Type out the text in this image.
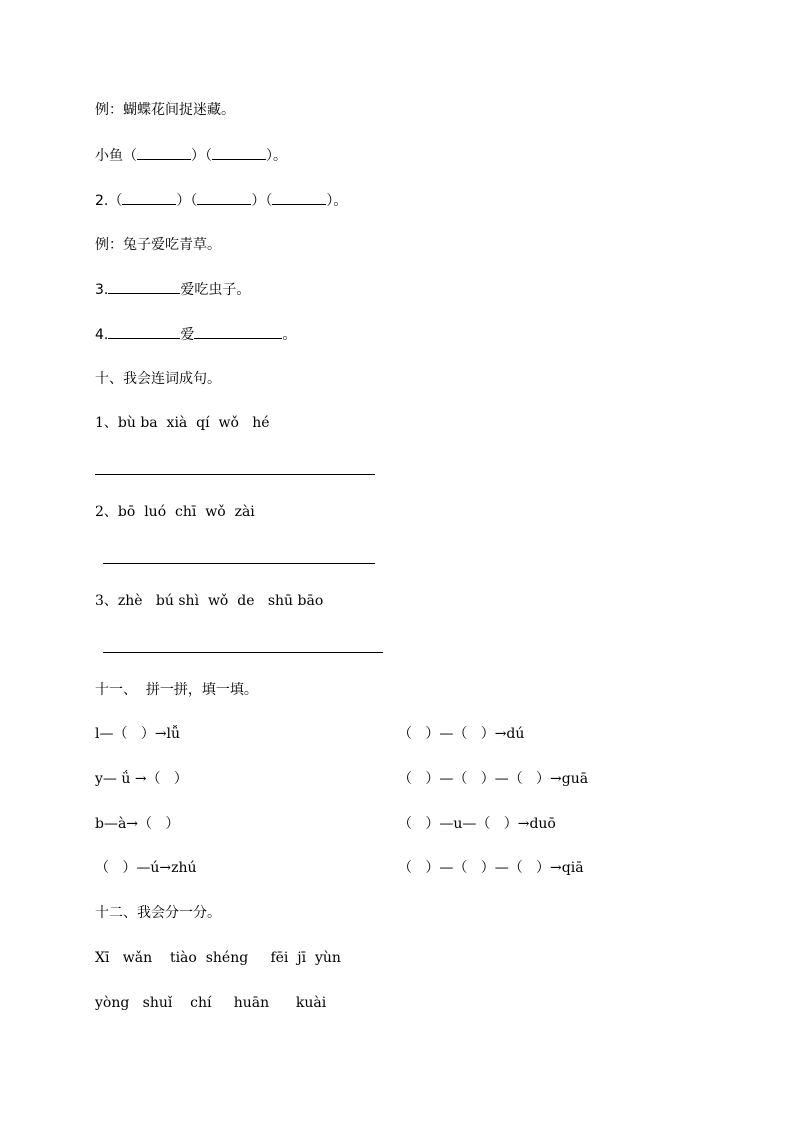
例：蝴蝶花间捉迷藏。
小鱼（	）（	）。
2.（	）（	）（	）。
例：兔子爱吃青草。
3.	爱吃虫子。
4.	爱	。
十、我会连词成句。
1、bù ba  xià  qí  wǒ   hé
2、bō  luó  chī  wǒ  zài
3、zhè   bú shì  wǒ  de   shū bāo
十一、  拼一拼，填一填。
l—（   ）→lǚ	（   ）—（   ）→dú
y— ǘ →（   ）	（   ）—（   ）—（   ）→guā
b—à→（   ）	（   ）—u—（   ）→duō
（   ）—ú→zhú	（   ）—（   ）—（   ）→qiā
十二、我会分一分。
Xī   wǎn    tiào  shéng     fēi  jī  yùn
yòng   shuǐ    chí     huān      kuài
